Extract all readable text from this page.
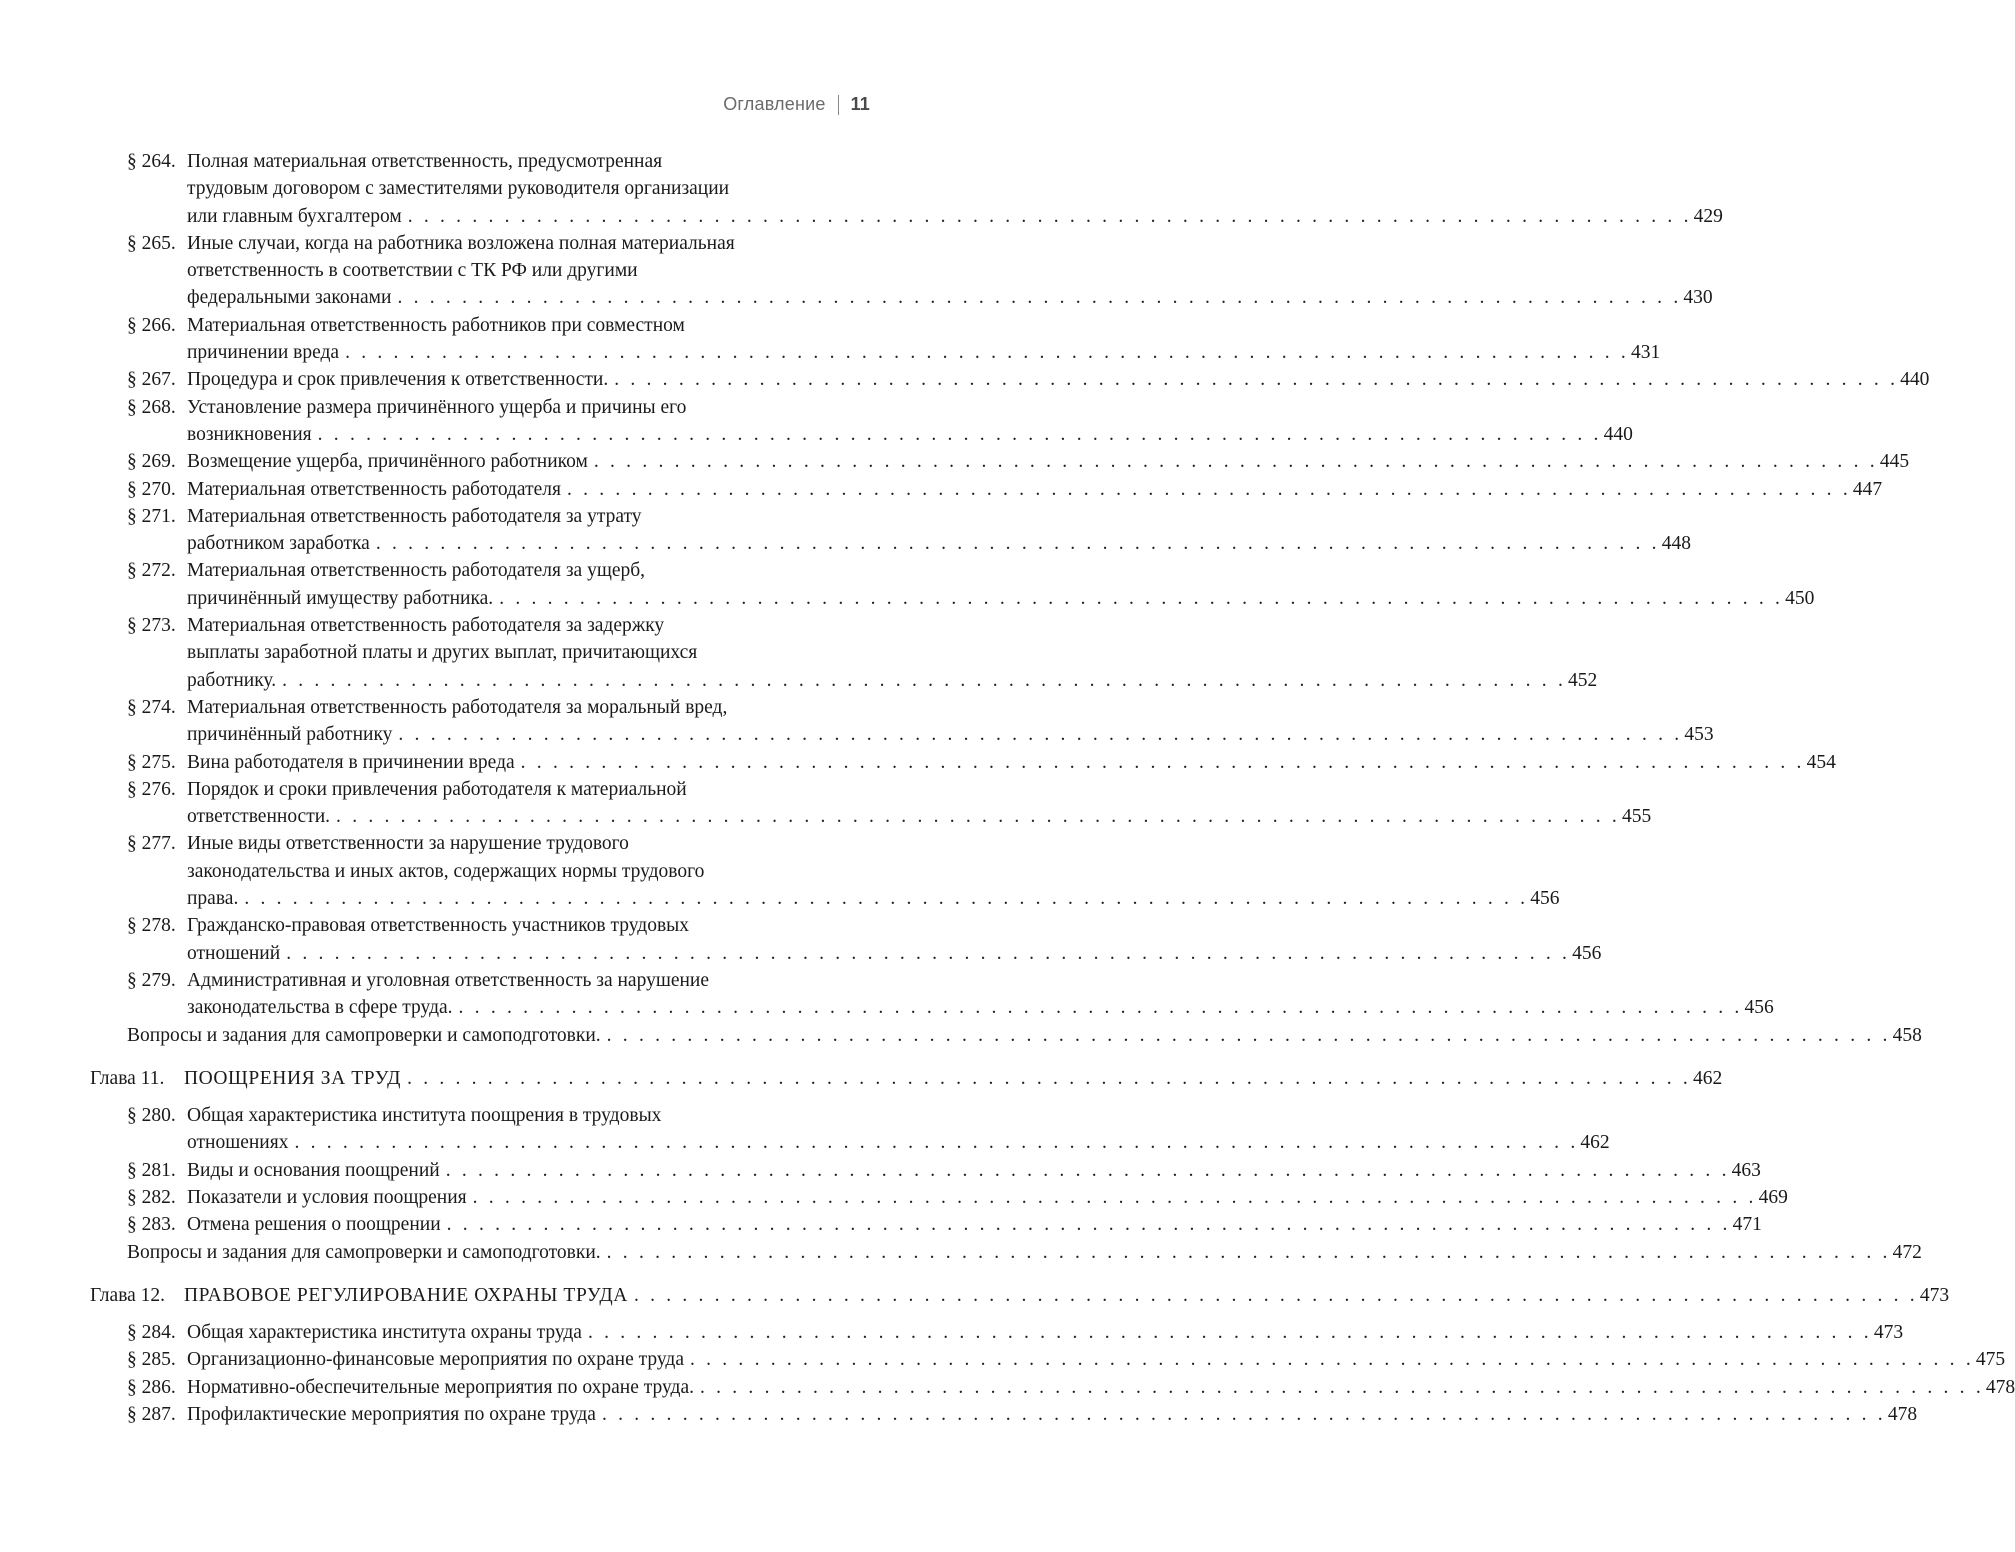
Оглавление 11
§ 264. Полная материальная ответственность, предусмотренная
трудовым договором с заместителями руководителя организации
или главным бухгалтером . . . . . . . . . . . . . . . . . . . . . . . . . . . . . . . . . . . . . . . . . . . . . . . . . . . . . . . . . . . . . . . . . . . . . . . . . . . . . . . . 429
§ 265. Иные случаи, когда на работника возложена полная материальная
ответственность в соответствии с ТК РФ или другими
федеральными законами . . . . . . . . . . . . . . . . . . . . . . . . . . . . . . . . . . . . . . . . . . . . . . . . . . . . . . . . . . . . . . . . . . . . . . . . . . . . . . . . 430
§ 266. Материальная ответственность работников при совместном
причинении вреда . . . . . . . . . . . . . . . . . . . . . . . . . . . . . . . . . . . . . . . . . . . . . . . . . . . . . . . . . . . . . . . . . . . . . . . . . . . . . . . . 431
§ 267. Процедура и срок привлечения к ответственности. . . . . . . . . . . . . . . . . . . . . . . . . . . . . . . . . . . . . . . . . . . . . . . . . . . . . . . . . . . . . . . . . . . . . . . . . . . . . . . . . 440
§ 268. Установление размера причинённого ущерба и причины его
возникновения . . . . . . . . . . . . . . . . . . . . . . . . . . . . . . . . . . . . . . . . . . . . . . . . . . . . . . . . . . . . . . . . . . . . . . . . . . . . . . . . 440
§ 269. Возмещение ущерба, причинённого работником . . . . . . . . . . . . . . . . . . . . . . . . . . . . . . . . . . . . . . . . . . . . . . . . . . . . . . . . . . . . . . . . . . . . . . . . . . . . . . . . 445
§ 270. Материальная ответственность работодателя . . . . . . . . . . . . . . . . . . . . . . . . . . . . . . . . . . . . . . . . . . . . . . . . . . . . . . . . . . . . . . . . . . . . . . . . . . . . . . . . 447
§ 271. Материальная ответственность работодателя за утрату
работником заработка . . . . . . . . . . . . . . . . . . . . . . . . . . . . . . . . . . . . . . . . . . . . . . . . . . . . . . . . . . . . . . . . . . . . . . . . . . . . . . . . 448
§ 272. Материальная ответственность работодателя за ущерб,
причинённый имуществу работника. . . . . . . . . . . . . . . . . . . . . . . . . . . . . . . . . . . . . . . . . . . . . . . . . . . . . . . . . . . . . . . . . . . . . . . . . . . . . . . . . 450
§ 273. Материальная ответственность работодателя за задержку
выплаты заработной платы и других выплат, причитающихся
работнику. . . . . . . . . . . . . . . . . . . . . . . . . . . . . . . . . . . . . . . . . . . . . . . . . . . . . . . . . . . . . . . . . . . . . . . . . . . . . . . . . 452
§ 274. Материальная ответственность работодателя за моральный вред,
причинённый работнику . . . . . . . . . . . . . . . . . . . . . . . . . . . . . . . . . . . . . . . . . . . . . . . . . . . . . . . . . . . . . . . . . . . . . . . . . . . . . . . . 453
§ 275. Вина работодателя в причинении вреда . . . . . . . . . . . . . . . . . . . . . . . . . . . . . . . . . . . . . . . . . . . . . . . . . . . . . . . . . . . . . . . . . . . . . . . . . . . . . . . . 454
§ 276. Порядок и сроки привлечения работодателя к материальной
ответственности. . . . . . . . . . . . . . . . . . . . . . . . . . . . . . . . . . . . . . . . . . . . . . . . . . . . . . . . . . . . . . . . . . . . . . . . . . . . . . . . . 455
§ 277. Иные виды ответственности за нарушение трудового
законодательства и иных актов, содержащих нормы трудового
права. . . . . . . . . . . . . . . . . . . . . . . . . . . . . . . . . . . . . . . . . . . . . . . . . . . . . . . . . . . . . . . . . . . . . . . . . . . . . . . . . 456
§ 278. Гражданско-правовая ответственность участников трудовых
отношений . . . . . . . . . . . . . . . . . . . . . . . . . . . . . . . . . . . . . . . . . . . . . . . . . . . . . . . . . . . . . . . . . . . . . . . . . . . . . . . . 456
§ 279. Административная и уголовная ответственность за нарушение
законодательства в сфере труда. . . . . . . . . . . . . . . . . . . . . . . . . . . . . . . . . . . . . . . . . . . . . . . . . . . . . . . . . . . . . . . . . . . . . . . . . . . . . . . . . 456
Вопросы и задания для самопроверки и самоподготовки. . . . . . . . . . . . . . . . . . . . . . . . . . . . . . . . . . . . . . . . . . . . . . . . . . . . . . . . . . . . . . . . . . . . . . . . . . . . . . . . . 458
Глава 11.	ПООЩРЕНИЯ ЗА ТРУД . . . . . . . . . . . . . . . . . . . . . . . . . . . . . . . . . . . . . . . . . . . . . . . . . . . . . . . . . . . . . . . . . . . . . . . . . . . . . . . . 462
§ 280. Общая характеристика института поощрения в трудовых
отношениях . . . . . . . . . . . . . . . . . . . . . . . . . . . . . . . . . . . . . . . . . . . . . . . . . . . . . . . . . . . . . . . . . . . . . . . . . . . . . . . . 462
§ 281. Виды и основания поощрений . . . . . . . . . . . . . . . . . . . . . . . . . . . . . . . . . . . . . . . . . . . . . . . . . . . . . . . . . . . . . . . . . . . . . . . . . . . . . . . . 463
§ 282. Показатели и условия поощрения . . . . . . . . . . . . . . . . . . . . . . . . . . . . . . . . . . . . . . . . . . . . . . . . . . . . . . . . . . . . . . . . . . . . . . . . . . . . . . . . 469
§ 283. Отмена решения о поощрении . . . . . . . . . . . . . . . . . . . . . . . . . . . . . . . . . . . . . . . . . . . . . . . . . . . . . . . . . . . . . . . . . . . . . . . . . . . . . . . . 471
Вопросы и задания для самопроверки и самоподготовки. . . . . . . . . . . . . . . . . . . . . . . . . . . . . . . . . . . . . . . . . . . . . . . . . . . . . . . . . . . . . . . . . . . . . . . . . . . . . . . . . 472
Глава 12. ПРАВОВОЕ РЕГУЛИРОВАНИЕ ОХРАНЫ ТРУДА . . . . . . . . . . . . . . . . . . . . . . . . . . . . . . . . . . . . . . . . . . . . . . . . . . . . . . . . . . . . . . . . . . . . . . . . . . . . . . . . 473
§ 284. Общая характеристика института охраны труда . . . . . . . . . . . . . . . . . . . . . . . . . . . . . . . . . . . . . . . . . . . . . . . . . . . . . . . . . . . . . . . . . . . . . . . . . . . . . . . . 473
§ 285. Организационно-финансовые мероприятия по охране труда . . . . . . . . . . . . . . . . . . . . . . . . . . . . . . . . . . . . . . . . . . . . . . . . . . . . . . . . . . . . . . . . . . . . . . . . . . . . . . . . 475
§ 286. Нормативно-обеспечительные мероприятия по охране труда. . . . . . . . . . . . . . . . . . . . . . . . . . . . . . . . . . . . . . . . . . . . . . . . . . . . . . . . . . . . . . . . . . . . . . . . . . . . . . . . . 478
§ 287. Профилактические мероприятия по охране труда . . . . . . . . . . . . . . . . . . . . . . . . . . . . . . . . . . . . . . . . . . . . . . . . . . . . . . . . . . . . . . . . . . . . . . . . . . . . . . . . 478
